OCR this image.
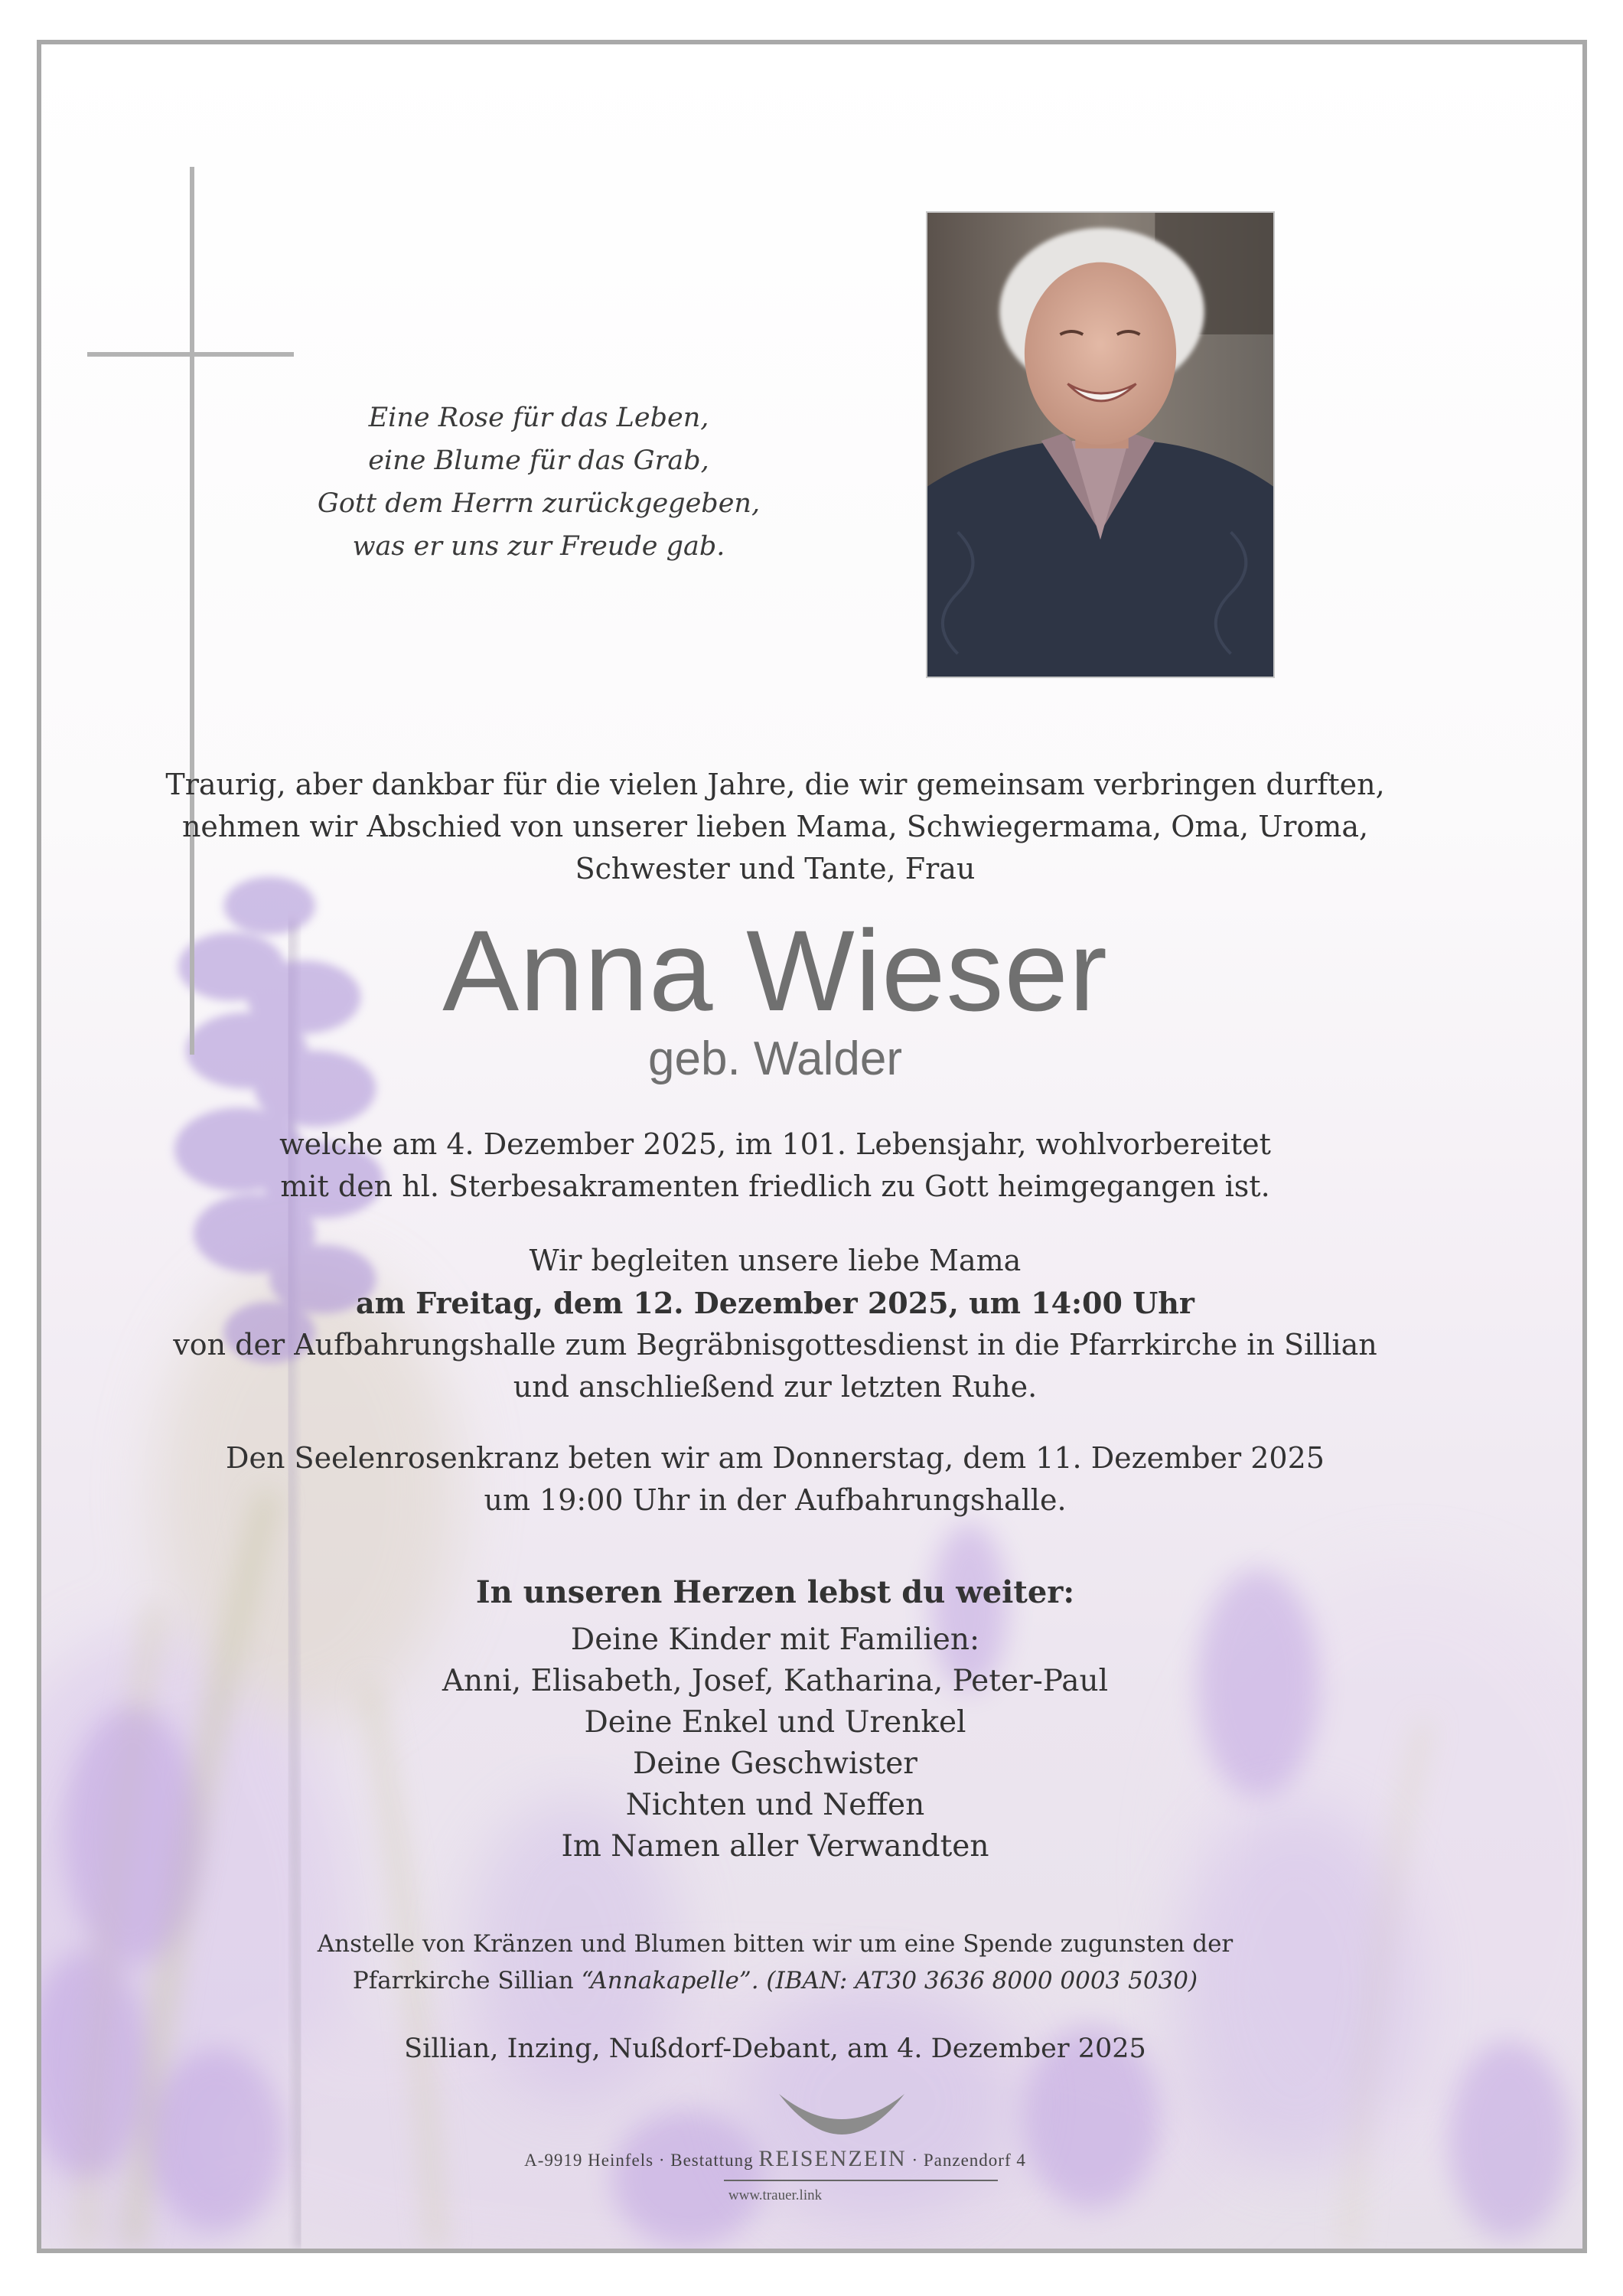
Eine Rose für das Leben,
eine Blume für das Grab,
Gott dem Herrn zurückgegeben,
was er uns zur Freude gab.
Traurig, aber dankbar für die vielen Jahre, die wir gemeinsam verbringen durften,
nehmen wir Abschied von unserer lieben Mama, Schwiegermama, Oma, Uroma,
Schwester und Tante, Frau
Anna Wieser
geb. Walder
welche am 4. Dezember 2025, im 101. Lebensjahr, wohlvorbereitet
mit den hl. Sterbesakramenten friedlich zu Gott heimgegangen ist.
Wir begleiten unsere liebe Mama
am Freitag, dem 12. Dezember 2025, um 14:00 Uhr
von der Aufbahrungshalle zum Begräbnisgottesdienst in die Pfarrkirche in Sillian
und anschließend zur letzten Ruhe.
Den Seelenrosenkranz beten wir am Donnerstag, dem 11. Dezember 2025
um 19:00 Uhr in der Aufbahrungshalle.
In unseren Herzen lebst du weiter:
Deine Kinder mit Familien:
Anni, Elisabeth, Josef, Katharina, Peter-Paul
Deine Enkel und Urenkel
Deine Geschwister
Nichten und Neffen
Im Namen aller Verwandten
Anstelle von Kränzen und Blumen bitten wir um eine Spende zugunsten der
Pfarrkirche Sillian “Annakapelle”. (IBAN: AT30 3636 8000 0003 5030)
Sillian, Inzing, Nußdorf-Debant, am 4. Dezember 2025
A-9919 Heinfels · Bestattung REISENZEIN · Panzendorf 4
www.trauer.link
